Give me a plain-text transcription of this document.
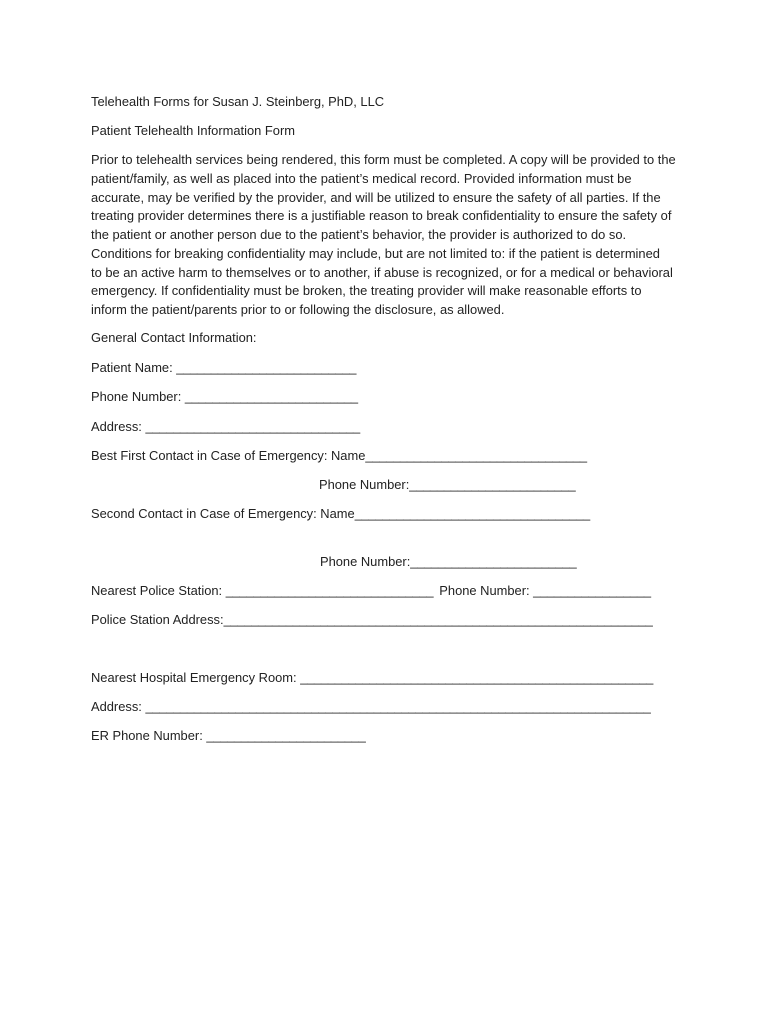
Telehealth Forms for Susan J. Steinberg, PhD, LLC
Patient Telehealth Information Form
Prior to telehealth services being rendered, this form must be completed. A copy will be provided to the
patient/family, as well as placed into the patient’s medical record. Provided information must be
accurate, may be verified by the provider, and will be utilized to ensure the safety of all parties. If the
treating provider determines there is a justifiable reason to break confidentiality to ensure the safety of
the patient or another person due to the patient’s behavior, the provider is authorized to do so.
Conditions for breaking confidentiality may include, but are not limited to: if the patient is determined
to be an active harm to themselves or to another, if abuse is recognized, or for a medical or behavioral
emergency. If confidentiality must be broken, the treating provider will make reasonable efforts to
inform the patient/parents prior to or following the disclosure, as allowed.
General Contact Information:
Patient Name: __________________________
Phone Number: _________________________
Address: _______________________________
Best First Contact in Case of Emergency: Name________________________________
Phone Number:________________________
Second Contact in Case of Emergency: Name__________________________________
Phone Number:________________________
Nearest Police Station: ______________________________ Phone Number: _________________
Police Station Address:______________________________________________________________
Nearest Hospital Emergency Room: ___________________________________________________
Address: _________________________________________________________________________
ER Phone Number: _______________________
